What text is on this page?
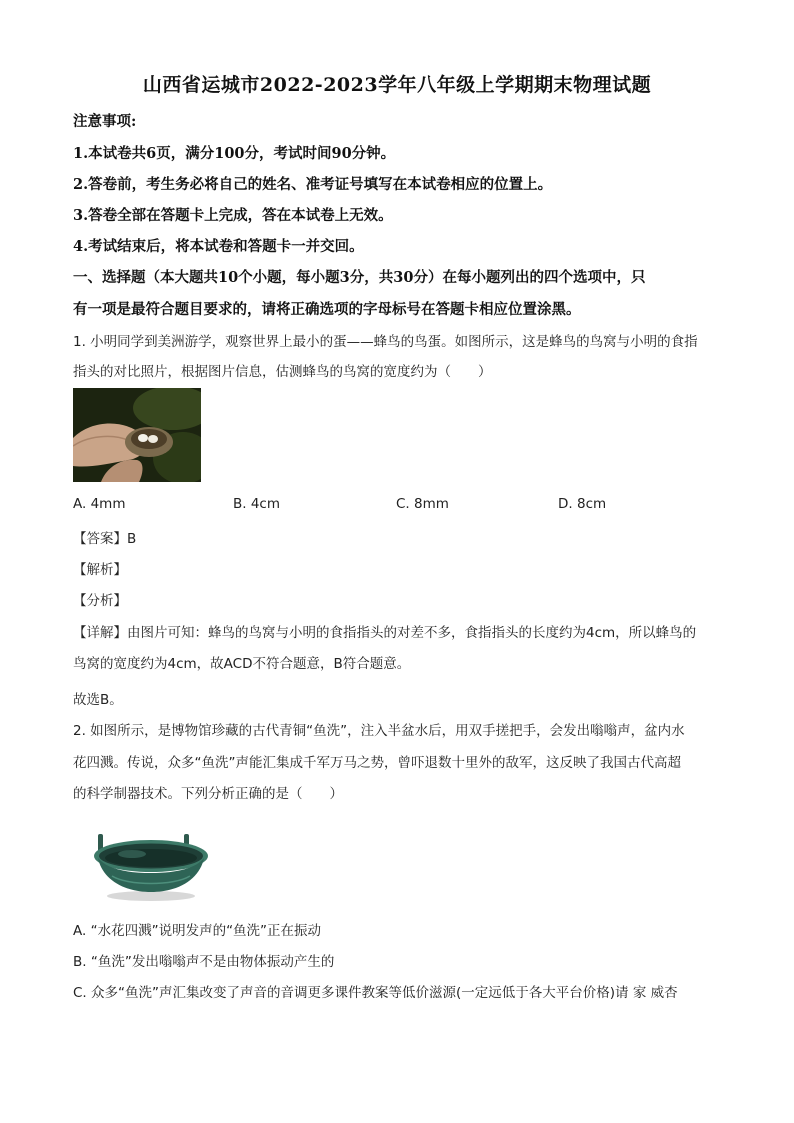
山西省运城市2022-2023学年八年级上学期期末物理试题
注意事项:
1.本试卷共6页，满分100分，考试时间90分钟。
2.答卷前，考生务必将自己的姓名、准考证号填写在本试卷相应的位置上。
3.答卷全部在答题卡上完成，答在本试卷上无效。
4.考试结束后，将本试卷和答题卡一并交回。
一、选择题（本大题共10个小题，每小题3分，共30分）在每小题列出的四个选项中，只
有一项是最符合题目要求的，请将正确选项的字母标号在答题卡相应位置涂黑。
1. 小明同学到美洲游学，观察世界上最小的蛋——蜂鸟的鸟蛋。如图所示，这是蜂鸟的鸟窝与小明的食指
指头的对比照片，根据图片信息，估测蜂鸟的鸟窝的宽度约为（　　）
A. 4mm	B. 4cm	C. 8mm	D. 8cm
【答案】B
【解析】
【分析】
【详解】由图片可知：蜂鸟的鸟窝与小明的食指指头的对差不多，食指指头的长度约为4cm，所以蜂鸟的
鸟窝的宽度约为4cm，故ACD不符合题意，B符合题意。
故选B。
2. 如图所示，是博物馆珍藏的古代青铜“鱼洗”，注入半盆水后，用双手搓把手，会发出嗡嗡声，盆内水
花四溅。传说，众多“鱼洗”声能汇集成千军万马之势，曾吓退数十里外的敌军，这反映了我国古代高超
的科学制器技术。下列分析正确的是（　　）
A. “水花四溅”说明发声的“鱼洗”正在振动
B. “鱼洗”发出嗡嗡声不是由物体振动产生的
C. 众多“鱼洗”声汇集改变了声音的音调更多课件教案等低价滋源(一定远低于各大平台价格)请 家 威杏
